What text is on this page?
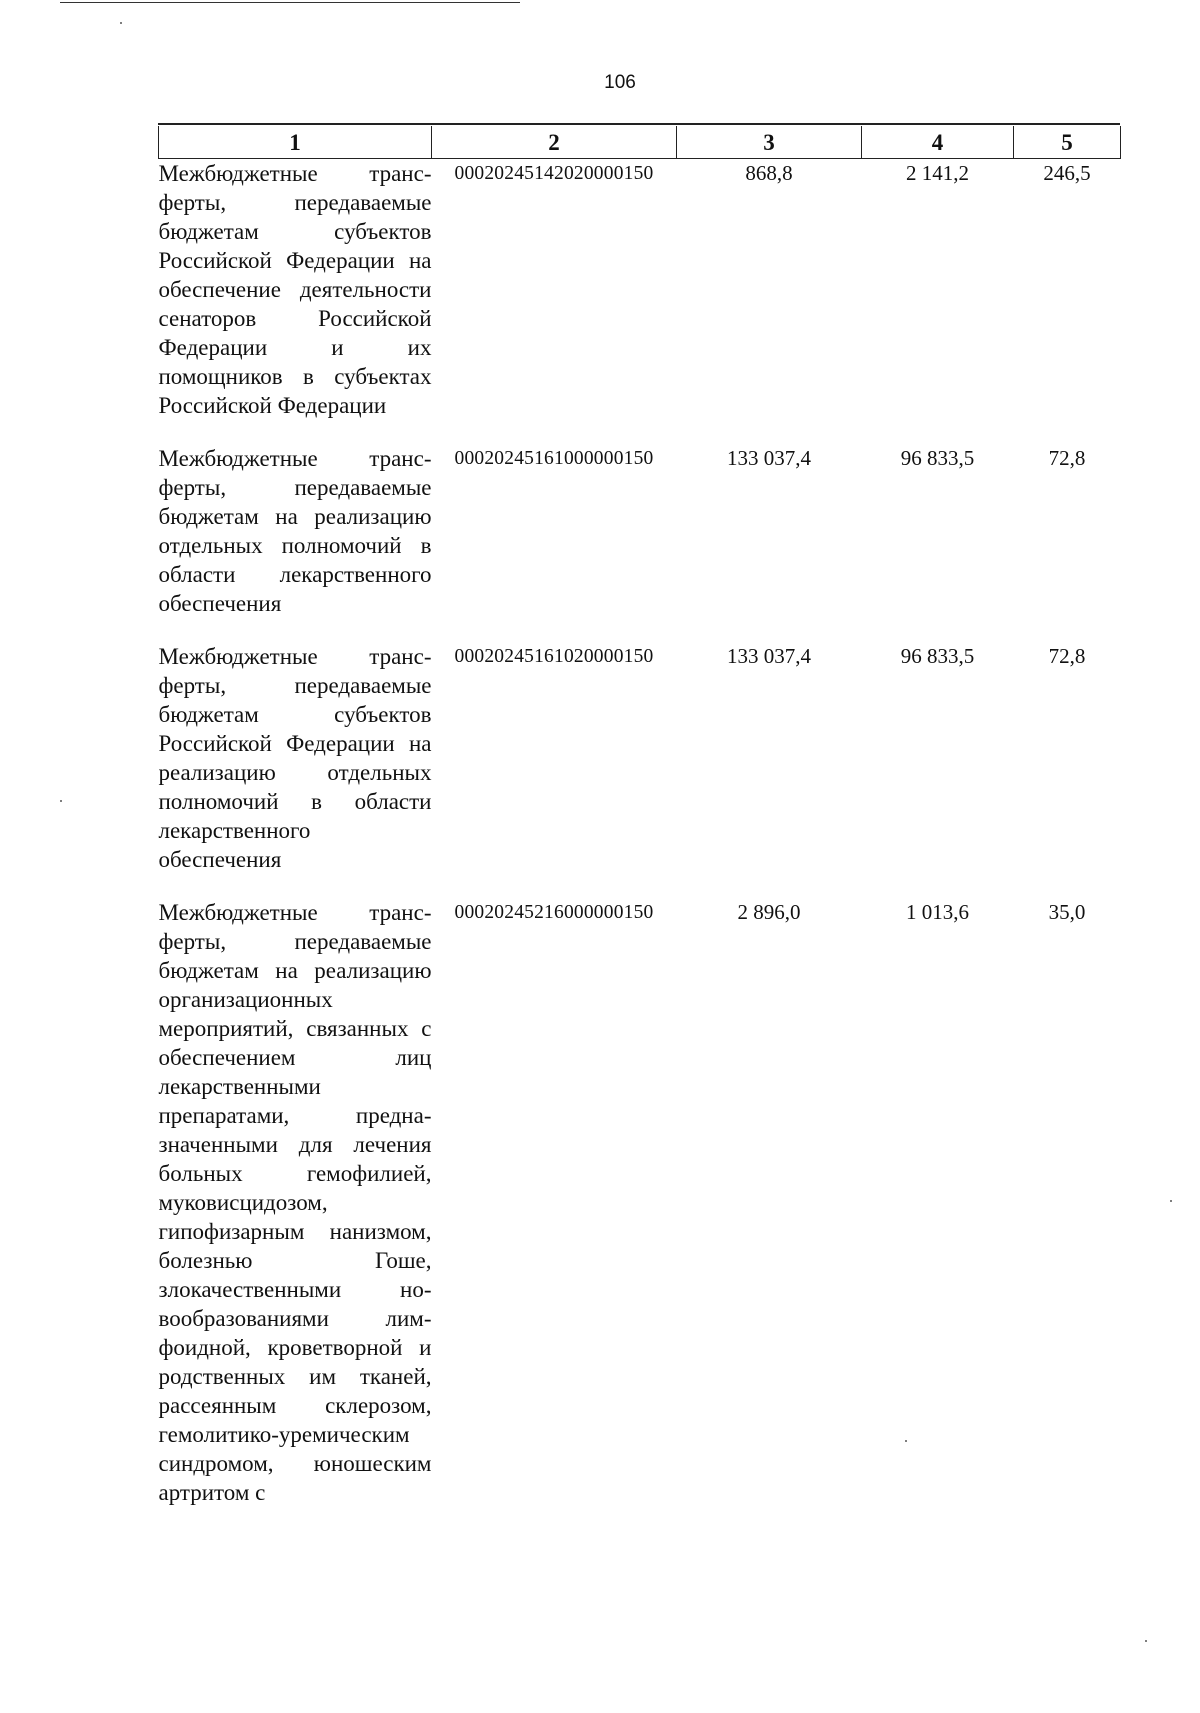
106
1	2	3	4	5
Межбюджетные трансферты, передаваемые бюджетам субъектов Российской Федерации на обеспечение деятельности сенаторов Российской Федерации и их помощников в субъектах Российской Федерации	00020245142020000150	868,8	2 141,2	246,5
Межбюджетные трансферты, передаваемые бюджетам на реализацию отдельных полномочий в области лекарственного обеспечения	00020245161000000150	133 037,4	96 833,5	72,8
Межбюджетные трансферты, передаваемые бюджетам субъектов Российской Федерации на реализацию отдельных полномочий в области лекарственного обеспечения	00020245161020000150	133 037,4	96 833,5	72,8
Межбюджетные трансферты, передаваемые бюджетам на реализацию организационных мероприятий, связанных с обеспечением лиц лекарственными препаратами, предназначенными для лечения больных гемофилией, муковисцидозом, гипофизарным нанизмом, болезнью Гоше, злокачественными новообразованиями лимфоидной, кроветворной и родственных им тканей, рассеянным склерозом, гемолитико-уремическим синдромом, юношеским артритом с	00020245216000000150	2 896,0	1 013,6	35,0
